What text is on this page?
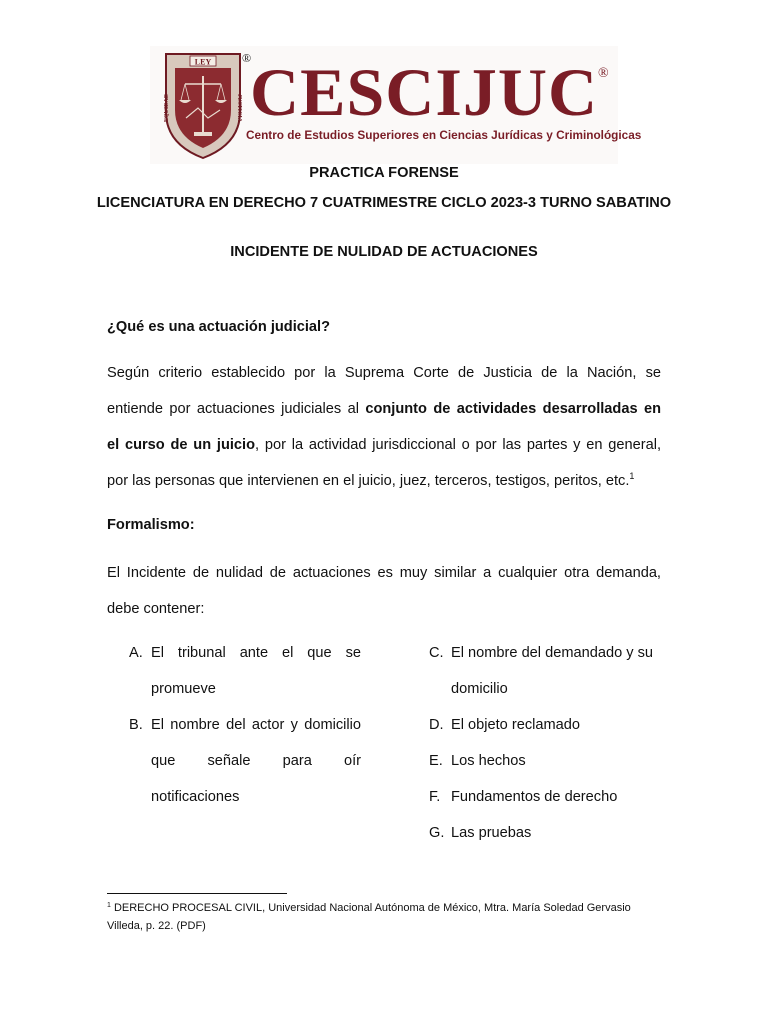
LEY
JUSTICIA
EQUIDAD
®
CESCIJUC ®
Centro de Estudios Superiores en Ciencias Jurídicas y Criminológicas
PRACTICA FORENSE
LICENCIATURA EN DERECHO 7 CUATRIMESTRE CICLO 2023-3 TURNO SABATINO
INCIDENTE DE NULIDAD DE ACTUACIONES
¿Qué es una actuación judicial?
Según criterio establecido por la Suprema Corte de Justicia de la Nación, se
entiende por actuaciones judiciales al conjunto de actividades desarrolladas en
el curso de un juicio, por la actividad jurisdiccional o por las partes y en general,
por las personas que intervienen en el juicio, juez, terceros, testigos, peritos, etc.$^1$
Formalismo:
El Incidente de nulidad de actuaciones es muy similar a cualquier otra demanda,
debe contener:
A. El tribunal ante el que se
promueve
B. El nombre del actor y domicilio
que señale para oír
notificaciones
C. El nombre del demandado y su
domicilio
D. El objeto reclamado
E. Los hechos
F. Fundamentos de derecho
G. Las pruebas
$^1$ DERECHO PROCESAL CIVIL, Universidad Nacional Autónoma de México, Mtra. María Soledad Gervasio Villeda, p. 22. (PDF)
